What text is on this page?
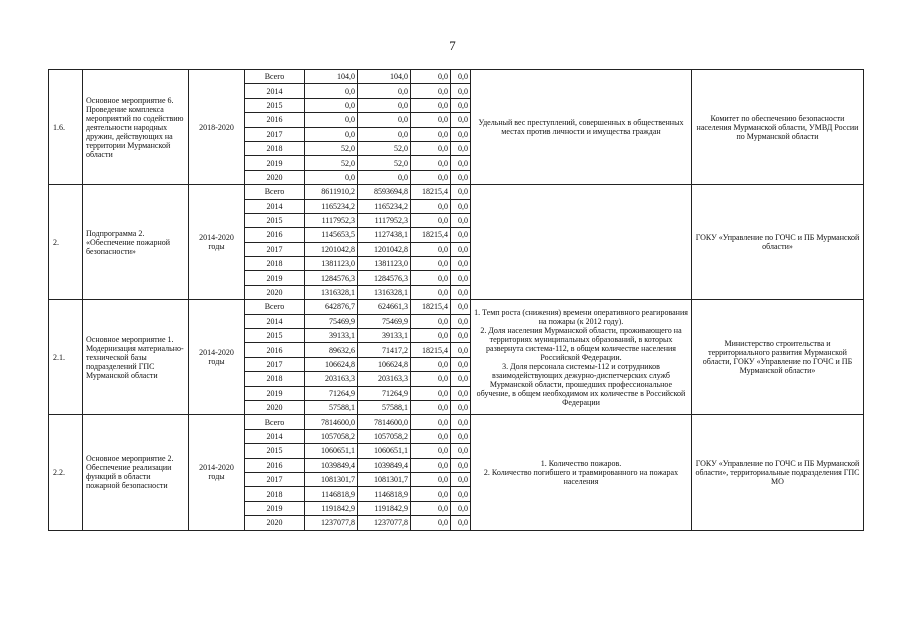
7
1.6.	Основное мероприятие 6. Проведение комплекса мероприятий по содействию деятельности народных дружин, действующих на территории Мурманской области	2018-2020	Всего	104,0	104,0	0,0	0,0	Удельный вес преступлений, совершенных в общественных местах против личности и имущества граждан	Комитет по обеспечению безопасности населения Мурманской области, УМВД России по Мурманской области
			2014	0,0	0,0	0,0	0,0		
			2015	0,0	0,0	0,0	0,0		
			2016	0,0	0,0	0,0	0,0		
			2017	0,0	0,0	0,0	0,0		
			2018	52,0	52,0	0,0	0,0		
			2019	52,0	52,0	0,0	0,0		
			2020	0,0	0,0	0,0	0,0		
2.	Подпрограмма 2. «Обеспечение пожарной безопасности»	2014-2020 годы	Всего	8611910,2	8593694,8	18215,4	0,0		ГОКУ «Управление по ГОЧС и ПБ Мурманской области»
			2014	1165234,2	1165234,2	0,0	0,0		
			2015	1117952,3	1117952,3	0,0	0,0		
			2016	1145653,5	1127438,1	18215,4	0,0		
			2017	1201042,8	1201042,8	0,0	0,0		
			2018	1381123,0	1381123,0	0,0	0,0		
			2019	1284576,3	1284576,3	0,0	0,0		
			2020	1316328,1	1316328,1	0,0	0,0		
2.1.	Основное мероприятие 1. Модернизация материально-технической базы подразделений ГПС Мурманской области	2014-2020 годы	Всего	642876,7	624661,3	18215,4	0,0	1. Темп роста (снижения) времени оперативного реагирования на пожары (к 2012 году).
2. Доля населения Мурманской области, проживающего на территориях муниципальных образований, в которых развернута система-112, в общем количестве населения Российской Федерации.
3. Доля персонала системы-112 и сотрудников взаимодействующих дежурно-диспетчерских служб Мурманской области, прошедших профессиональное обучение, в общем необходимом их количестве в Российской Федерации	Министерство строительства и территориального развития Мурманской области, ГОКУ «Управление по ГОЧС и ПБ Мурманской области»
			2014	75469,9	75469,9	0,0	0,0		
			2015	39133,1	39133,1	0,0	0,0		
			2016	89632,6	71417,2	18215,4	0,0		
			2017	106624,8	106624,8	0,0	0,0		
			2018	203163,3	203163,3	0,0	0,0		
			2019	71264,9	71264,9	0,0	0,0		
			2020	57588,1	57588,1	0,0	0,0		
2.2.	Основное мероприятие 2. Обеспечение реализации функций в области пожарной безопасности	2014-2020 годы	Всего	7814600,0	7814600,0	0,0	0,0	1. Количество пожаров.
2. Количество погибшего и травмированного на пожарах населения	ГОКУ «Управление по ГОЧС и ПБ Мурманской области», территориальные подразделения ГПС МО
			2014	1057058,2	1057058,2	0,0	0,0		
			2015	1060651,1	1060651,1	0,0	0,0		
			2016	1039849,4	1039849,4	0,0	0,0		
			2017	1081301,7	1081301,7	0,0	0,0		
			2018	1146818,9	1146818,9	0,0	0,0		
			2019	1191842,9	1191842,9	0,0	0,0		
			2020	1237077,8	1237077,8	0,0	0,0		
